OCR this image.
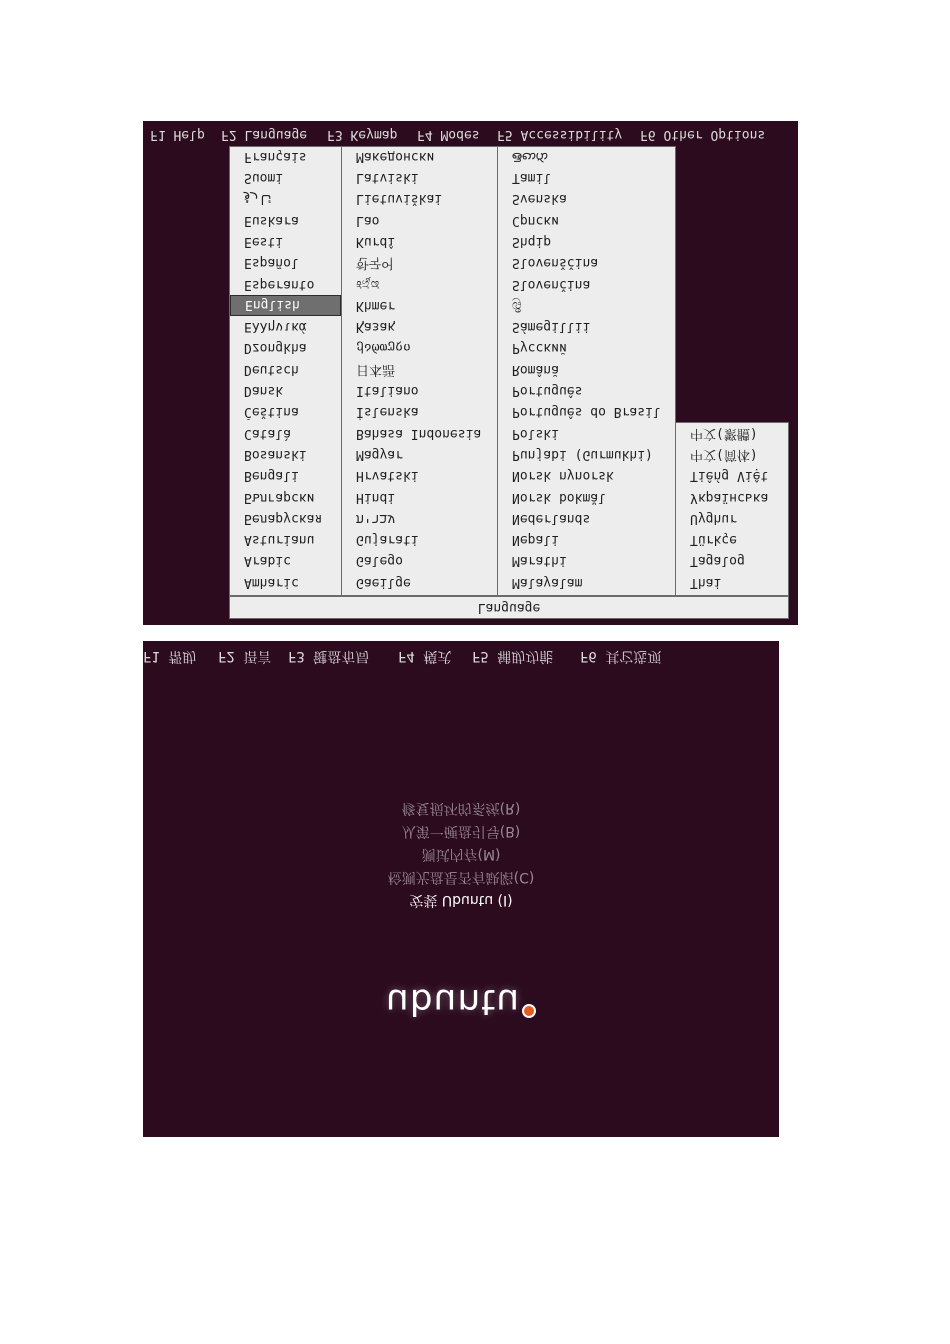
F1 Help F2 Language F3 Keymap F4 Modes F5 Accessibility F6 Other Options
Amharic
Arabic
Asturianu
Беларуская
Български
Bengali
Bosanski
Català
Čeština
Dansk
Deutsch
Dzongkha
Ελληνικά
English
Esperanto
Español
Eesti
Euskara
ئارۇ
Suomi
Français
Gaeilge
Galego
Gujarati
עברית
Hindi
Hrvatski
Magyar
Bahasa Indonesia
Íslenska
Italiano
日本語
ქართული
Қазақ
Khmer
ಕನ್ನಡ
한국어
Kurdî
Lao
Lietuviškai
Latviski
Македонски
Malayalam
Marathi
Nepali
Nederlands
Norsk bokmål
Norsk nynorsk
Punjabi (Gurmukhi)
Polski
Português do Brasil
Português
Română
Русский
Sámegillii
ශ්‍රී
Slovenčina
Slovenščina
Shqip
Српски
Svenska
Tamil
తెలుగు
Thai
Tagalog
Türkçe
Uyghur
Українська
Tiếng Việt
中文(简体)
中文(繁體)
Language
F1 帮助 F2 语言 F3 键盘布局 F4 模式 F5 辅助功能 F6 其它选项
修复损坏的系统(R)
从第一硬盘引导(B)
测试内存(M)
检测光盘是否有缺陷(C)
安装 Ubuntu (I)
ubuntu
